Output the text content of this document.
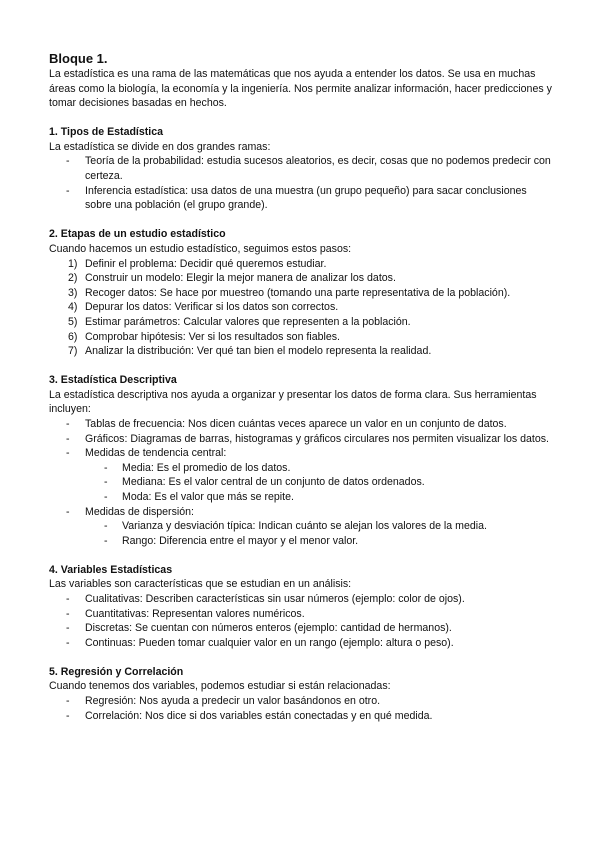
Bloque 1.

La estadística es una rama de las matemáticas que nos ayuda a entender los datos. Se usa en muchas áreas como la biología, la economía y la ingeniería. Nos permite analizar información, hacer predicciones y tomar decisiones basadas en hechos.

1. Tipos de Estadística

La estadística se divide en dos grandes ramas:

- Teoría de la probabilidad: estudia sucesos aleatorios, es decir, cosas que no podemos predecir con certeza.
- Inferencia estadística: usa datos de una muestra (un grupo pequeño) para sacar conclusiones sobre una población (el grupo grande).

2. Etapas de un estudio estadístico

Cuando hacemos un estudio estadístico, seguimos estos pasos:

1) Definir el problema: Decidir qué queremos estudiar.
2) Construir un modelo: Elegir la mejor manera de analizar los datos.
3) Recoger datos: Se hace por muestreo (tomando una parte representativa de la población).
4) Depurar los datos: Verificar si los datos son correctos.
5) Estimar parámetros: Calcular valores que representen a la población.
6) Comprobar hipótesis: Ver si los resultados son fiables.
7) Analizar la distribución: Ver qué tan bien el modelo representa la realidad.

3. Estadística Descriptiva

La estadística descriptiva nos ayuda a organizar y presentar los datos de forma clara. Sus herramientas incluyen:

- Tablas de frecuencia: Nos dicen cuántas veces aparece un valor en un conjunto de datos.
- Gráficos: Diagramas de barras, histogramas y gráficos circulares nos permiten visualizar los datos.
- Medidas de tendencia central:
- Media: Es el promedio de los datos.
- Mediana: Es el valor central de un conjunto de datos ordenados.
- Moda: Es el valor que más se repite.
- Medidas de dispersión:
- Varianza y desviación típica: Indican cuánto se alejan los valores de la media.
- Rango: Diferencia entre el mayor y el menor valor.

4. Variables Estadísticas

Las variables son características que se estudian en un análisis:

- Cualitativas: Describen características sin usar números (ejemplo: color de ojos).
- Cuantitativas: Representan valores numéricos.
- Discretas: Se cuentan con números enteros (ejemplo: cantidad de hermanos).
- Continuas: Pueden tomar cualquier valor en un rango (ejemplo: altura o peso).

5. Regresión y Correlación

Cuando tenemos dos variables, podemos estudiar si están relacionadas:

- Regresión: Nos ayuda a predecir un valor basándonos en otro.
- Correlación: Nos dice si dos variables están conectadas y en qué medida.
